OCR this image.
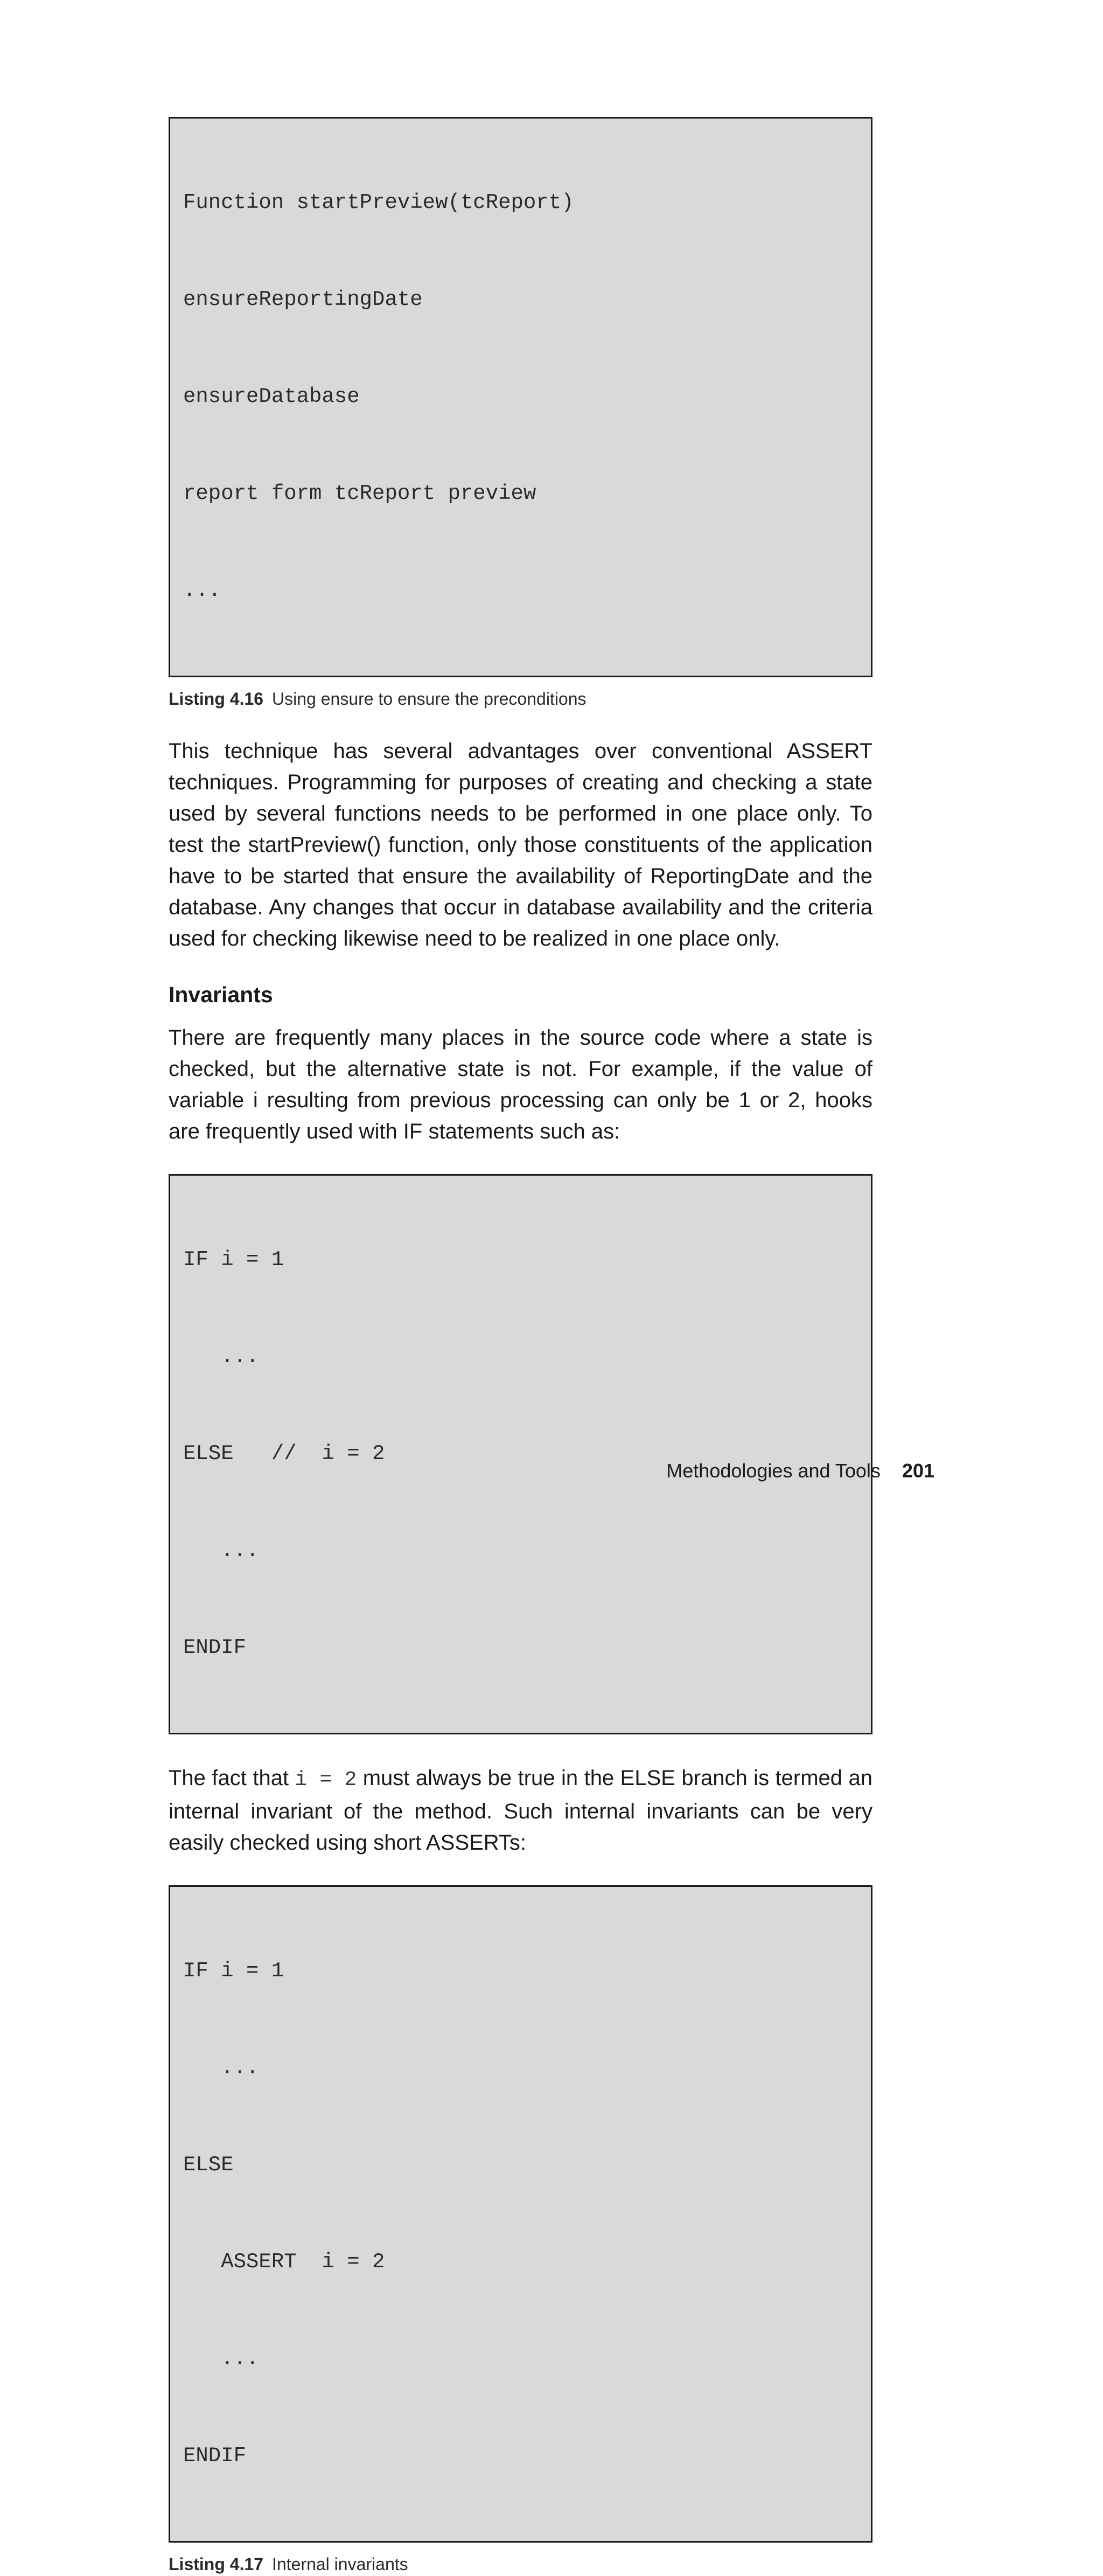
Function startPreview(tcReport)

ensureReportingDate

ensureDatabase

report form tcReport preview

...

Listing 4.16 Using ensure to ensure the preconditions

This technique has several advantages over conventional ASSERT techniques. Programming for purposes of creating and checking a state used by several functions needs to be performed in one place only. To test the startPreview() function, only those constituents of the application have to be started that ensure the availability of ReportingDate and the database. Any changes that occur in database availability and the criteria used for checking likewise need to be realized in one place only.

Invariants

There are frequently many places in the source code where a state is checked, but the alternative state is not. For example, if the value of variable i resulting from previous processing can only be 1 or 2, hooks are frequently used with IF statements such as:

IF i = 1

...

ELSE   //  i = 2

...

ENDIF

The fact that i = 2 must always be true in the ELSE branch is termed an internal invariant of the method. Such internal invariants can be very easily checked using short ASSERTs:

IF i = 1

...

ELSE

ASSERT  i = 2

...

ENDIF

Listing 4.17 Internal invariants
Methodologies and Tools 201
